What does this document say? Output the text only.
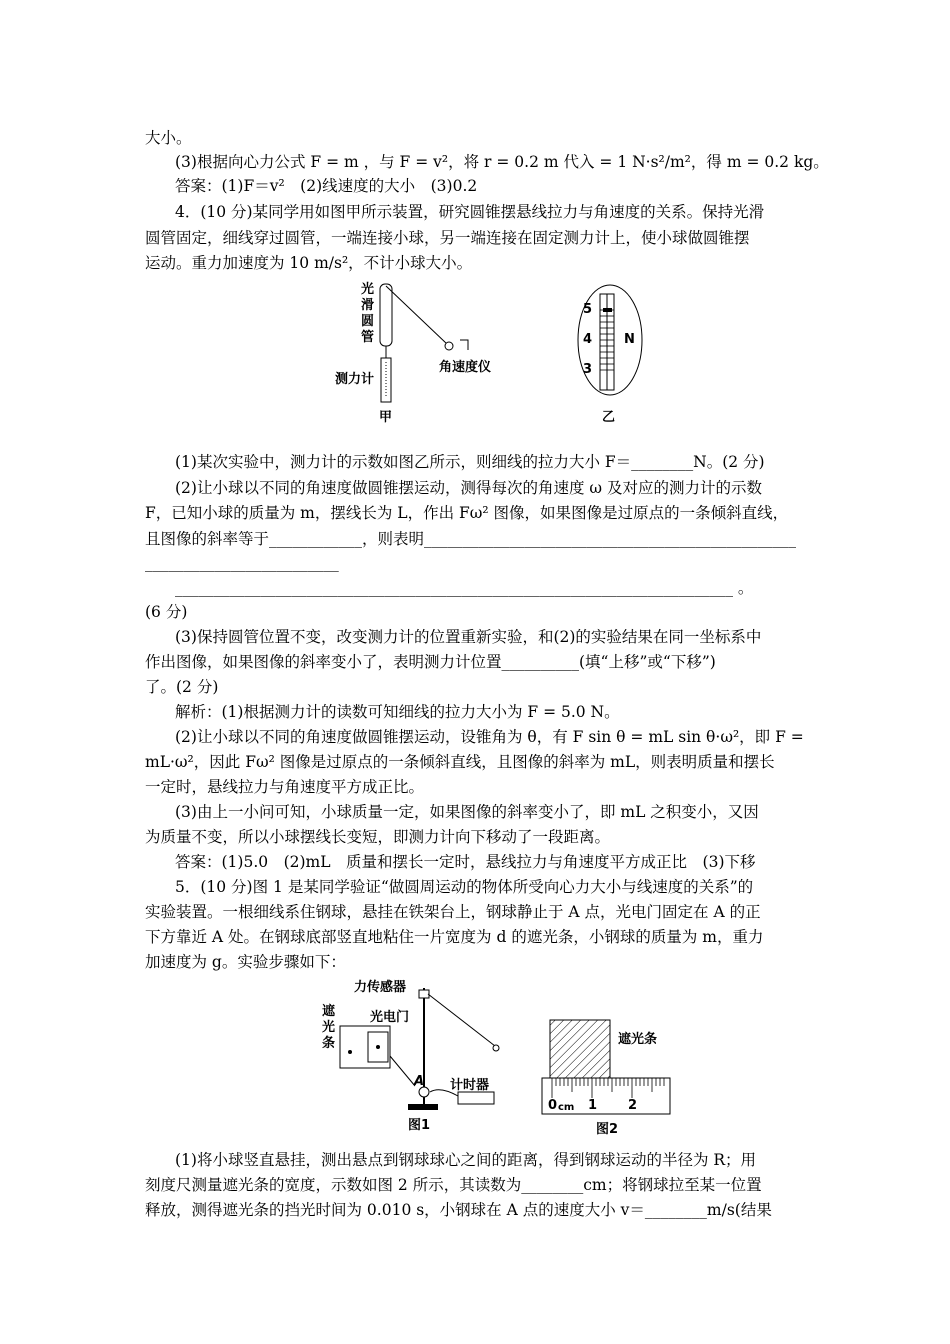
大小。
(3)根据向心力公式 F = m ，与 F = v²，将 r = 0.2 m 代入 = 1 N·s²/m²，得 m = 0.2 kg。
答案：(1)F＝v²　(2)线速度的大小　(3)0.2
4．(10 分)某同学用如图甲所示装置，研究圆锥摆悬线拉力与角速度的关系。保持光滑
圆管固定，细线穿过圆管，一端连接小球，另一端连接在固定测力计上，使小球做圆锥摆
运动。重力加速度为 10 m/s²，不计小球大小。
光
滑
圆
管
测力计
角速度仪
甲
5
4
3
N
乙
(1)某次实验中，测力计的示数如图乙所示，则细线的拉力大小 F＝________N。(2 分)
(2)让小球以不同的角速度做圆锥摆运动，测得每次的角速度 ω 及对应的测力计的示数
F，已知小球的质量为 m，摆线长为 L，作出 Fω² 图像，如果图像是过原点的一条倾斜直线，
且图像的斜率等于____________，则表明________________________________________________
_________________________
________________________________________________________________________ 。
(6 分)
(3)保持圆管位置不变，改变测力计的位置重新实验，和(2)的实验结果在同一坐标系中
作出图像，如果图像的斜率变小了，表明测力计位置__________(填“上移”或“下移”)
了。(2 分)
解析：(1)根据测力计的读数可知细线的拉力大小为 F = 5.0 N。
(2)让小球以不同的角速度做圆锥摆运动，设锥角为 θ，有 F sin θ = mL sin θ·ω²，即 F =
mL·ω²，因此 Fω² 图像是过原点的一条倾斜直线，且图像的斜率为 mL，则表明质量和摆长
一定时，悬线拉力与角速度平方成正比。
(3)由上一小问可知，小球质量一定，如果图像的斜率变小了，即 mL 之积变小，又因
为质量不变，所以小球摆线长变短，即测力计向下移动了一段距离。
答案：(1)5.0　(2)mL　质量和摆长一定时，悬线拉力与角速度平方成正比　(3)下移
5．(10 分)图 1 是某同学验证“做圆周运动的物体所受向心力大小与线速度的关系”的
实验装置。一根细线系住钢球，悬挂在铁架台上，钢球静止于 A 点，光电门固定在 A 的正
下方靠近 A 处。在钢球底部竖直地粘住一片宽度为 d 的遮光条，小钢球的质量为 m，重力
加速度为 g。实验步骤如下：
力传感器
光电门
遮
光
条
A 计时器
图1
遮光条
0 cm 1 2
图2
(1)将小球竖直悬挂，测出悬点到钢球球心之间的距离，得到钢球运动的半径为 R；用
刻度尺测量遮光条的宽度，示数如图 2 所示，其读数为________cm；将钢球拉至某一位置
释放，测得遮光条的挡光时间为 0.010 s，小钢球在 A 点的速度大小 v＝________m/s(结果
